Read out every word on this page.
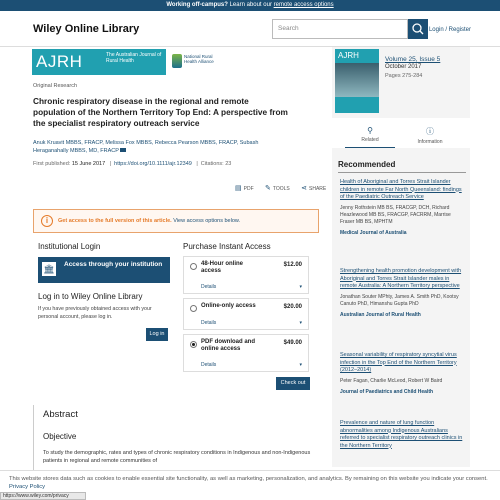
Working off-campus? Learn about our remote access options
Wiley Online Library	Search	Login / Register
AJRH	The Australian Journal of Rural Health
National Rural Health Alliance
Original Research
Chronic respiratory disease in the regional and remote population of the Northern Territory Top End: A perspective from the specialist respiratory outreach service
Anuk Kruavit MBBS, FRACP, Melissa Fox MBBS, Rebecca Pearson MBBS, FRACP, Subash Heraganahally MBBS, MD, FRACP
First published: 15 June 2017 | https://doi.org/10.1111/ajr.12349 | Citations: 23
▤ PDF ✎ TOOLS ⋖ SHARE
i	Get access to the full version of this article. View access options below.
Institutional Login
🏛 Access through your institution
Log in to Wiley Online Library
If you have previously obtained access with your personal account, please log in.
Log in
Purchase Instant Access
48-Hour online access
$12.00
Details	▾
Online-only access	$20.00
Details	▾
PDF download and online access
$49.00
Details	▾
Check out
Abstract
Objective
To study the demographic, rates and types of chronic respiratory conditions in Indigenous and non-Indigenous patients in regional and remote communities of
AJRH	Volume 25, Issue 5
October 2017
Pages 275-284
⚲
Related
ⓘ
Information
Recommended
Health of Aboriginal and Torres Strait Islander children in remote Far North Queensland: findings of the Paediatric Outreach Service
Jenny Rothstein MB BS, FRACGP, DCH, Richard Heazlewood MB BS, FRACGP, FACRRM, Marrise Fraser MB BS, MPHTM
Medical Journal of Australia
Strengthening health promotion development with Aboriginal and Torres Strait Islander males in remote Australia: A Northern Territory perspective
Jonathan Souter MPhty, James A. Smith PhD, Kootsy Canuto PhD, Himanshu Gupta PhD
Australian Journal of Rural Health
Seasonal variability of respiratory syncytial virus infection in the Top End of the Northern Territory (2012–2014)
Peter Fagan, Charlie McLeod, Robert W Baird
Journal of Paediatrics and Child Health
Prevalence and nature of lung function abnormalities among Indigenous Australians referred to specialist respiratory outreach clinics in the Northern Territory
This website stores data such as cookies to enable essential site functionality, as well as marketing, personalization, and analytics. By remaining on this website you indicate your consent. Privacy Policy
https://www.wiley.com/privacy
